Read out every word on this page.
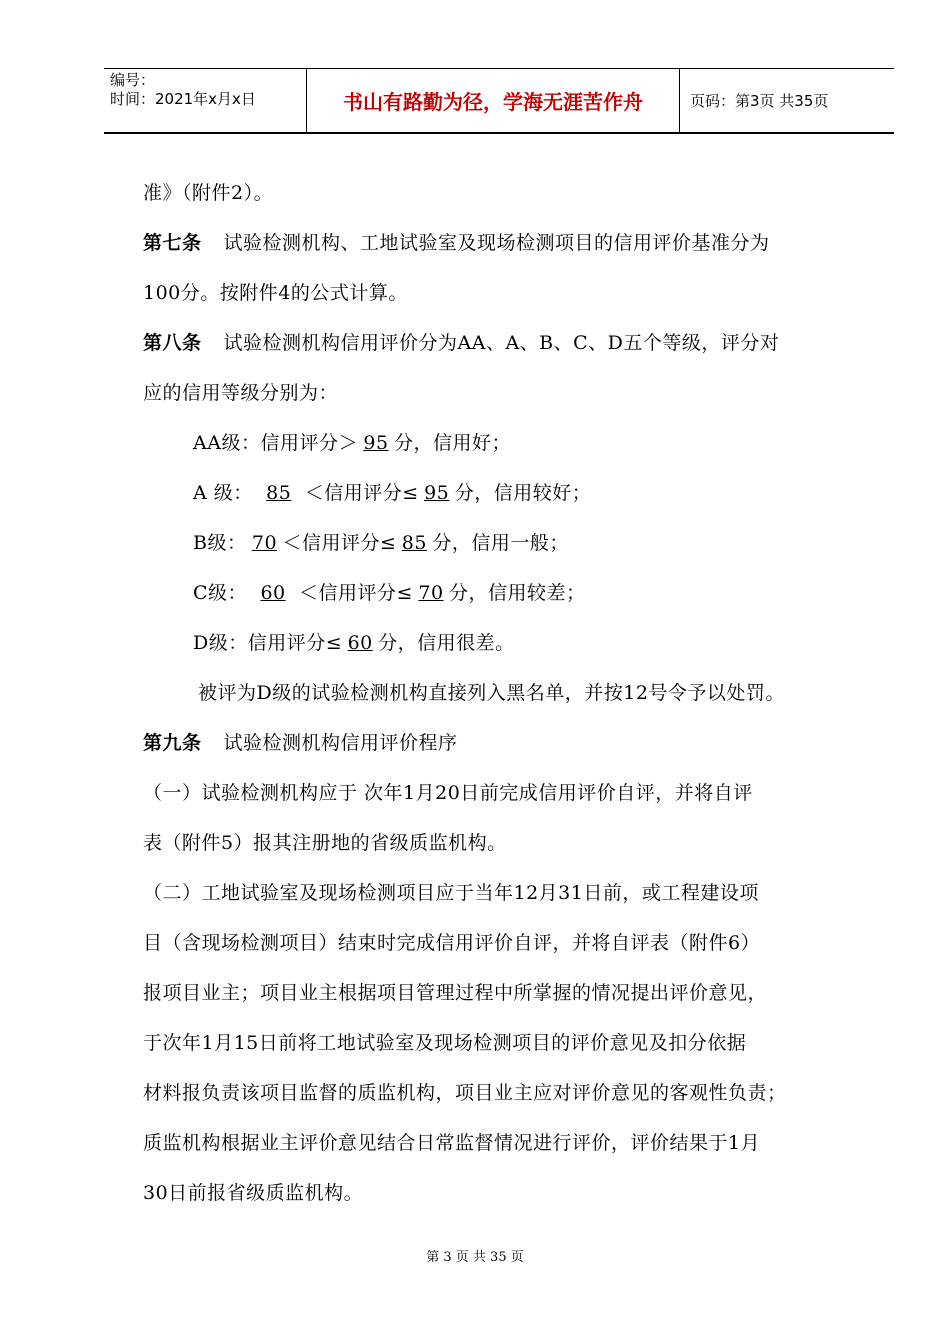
编号：
时间：2021年x月x日	书山有路勤为径，学海无涯苦作舟	页码：第3页 共35页
准》（附件2）。
第七条 试验检测机构、工地试验室及现场检测项目的信用评价基准分为
100分。按附件4的公式计算。
第八条 试验检测机构信用评价分为AA、A、B、C、D五个等级，评分对
应的信用等级分别为：
AA级：信用评分＞ 95 分，信用好；
A 级： 85 ＜信用评分≤ 95 分，信用较好；
B级： 70 ＜信用评分≤ 85 分，信用一般；
C级： 60 ＜信用评分≤ 70 分，信用较差；
D级：信用评分≤ 60 分，信用很差。
被评为D级的试验检测机构直接列入黑名单，并按12号令予以处罚。
第九条 试验检测机构信用评价程序
（一）试验检测机构应于 次年1月20日前完成信用评价自评，并将自评
表（附件5）报其注册地的省级质监机构。
（二）工地试验室及现场检测项目应于当年12月31日前，或工程建设项
目（含现场检测项目）结束时完成信用评价自评，并将自评表（附件6）
报项目业主；项目业主根据项目管理过程中所掌握的情况提出评价意见，
于次年1月15日前将工地试验室及现场检测项目的评价意见及扣分依据
材料报负责该项目监督的质监机构，项目业主应对评价意见的客观性负责；
质监机构根据业主评价意见结合日常监督情况进行评价，评价结果于1月
30日前报省级质监机构。
第 3 页 共 35 页
